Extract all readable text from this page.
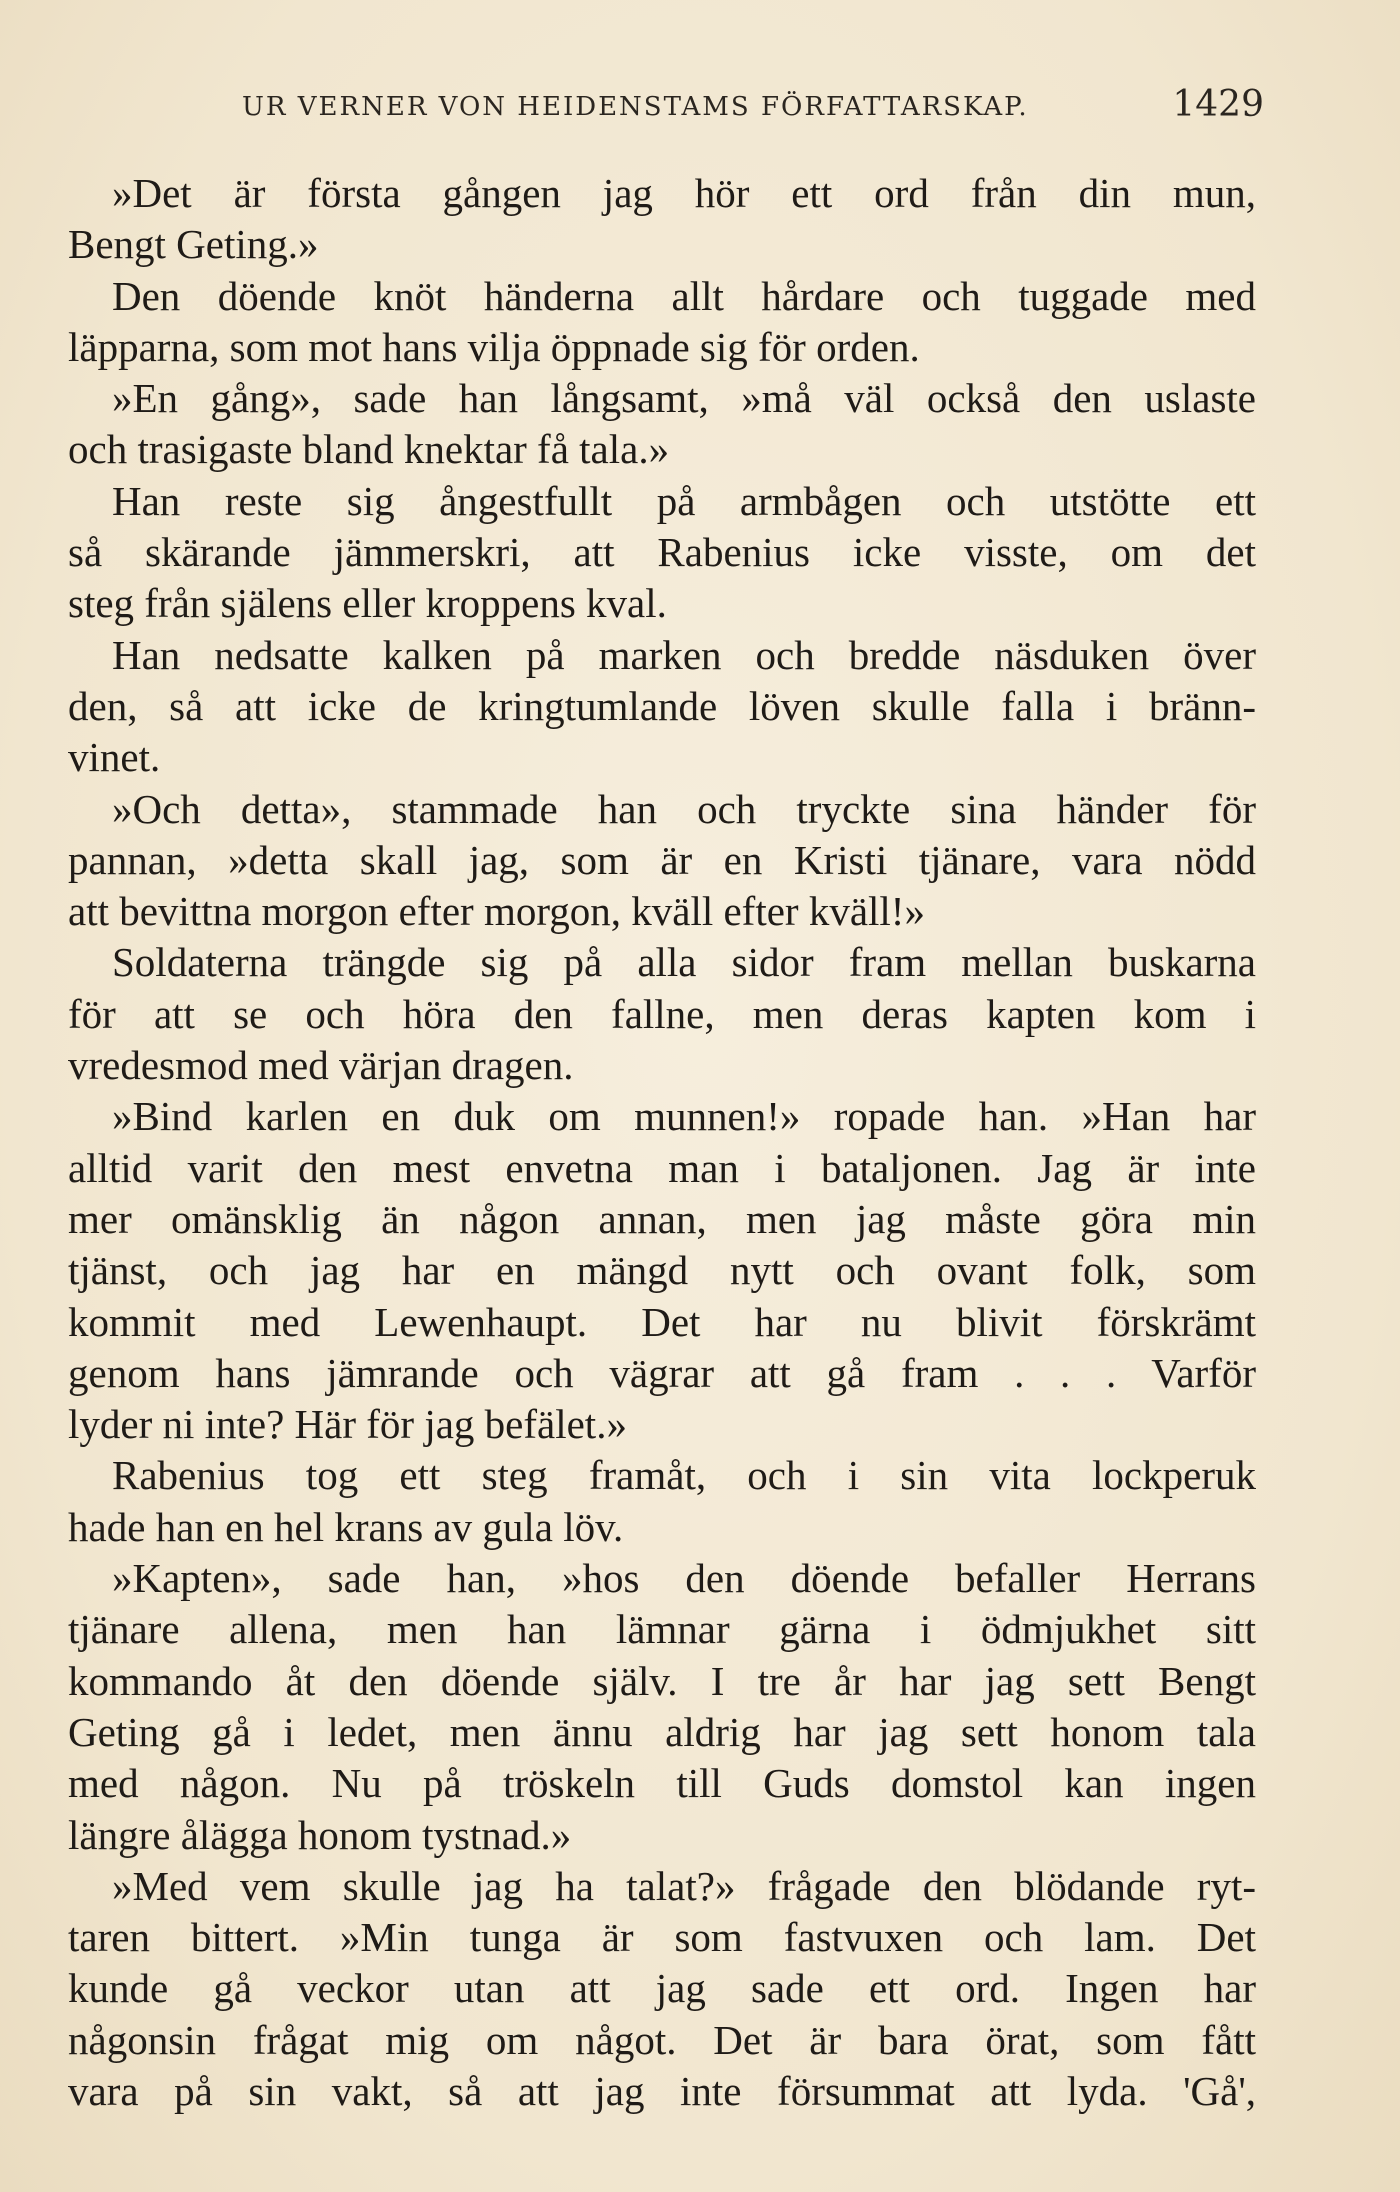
UR VERNER VON HEIDENSTAMS FÖRFATTARSKAP.	1429
»Det är första gången jag hör ett ord från din mun,
Bengt Geting.»
Den döende knöt händerna allt hårdare och tuggade med
läpparna, som mot hans vilja öppnade sig för orden.
»En gång», sade han långsamt, »må väl också den uslaste
och trasigaste bland knektar få tala.»
Han reste sig ångestfullt på armbågen och utstötte ett
så skärande jämmerskri, att Rabenius icke visste, om det
steg från själens eller kroppens kval.
Han nedsatte kalken på marken och bredde näsduken över
den, så att icke de kringtumlande löven skulle falla i bränn-
vinet.
»Och detta», stammade han och tryckte sina händer för
pannan, »detta skall jag, som är en Kristi tjänare, vara nödd
att bevittna morgon efter morgon, kväll efter kväll!»
Soldaterna trängde sig på alla sidor fram mellan buskarna
för att se och höra den fallne, men deras kapten kom i
vredesmod med värjan dragen.
»Bind karlen en duk om munnen!» ropade han. »Han har
alltid varit den mest envetna man i bataljonen. Jag är inte
mer omänsklig än någon annan, men jag måste göra min
tjänst, och jag har en mängd nytt och ovant folk, som
kommit med Lewenhaupt. Det har nu blivit förskrämt
genom hans jämrande och vägrar att gå fram . . . Varför
lyder ni inte? Här för jag befälet.»
Rabenius tog ett steg framåt, och i sin vita lockperuk
hade han en hel krans av gula löv.
»Kapten», sade han, »hos den döende befaller Herrans
tjänare allena, men han lämnar gärna i ödmjukhet sitt
kommando åt den döende själv. I tre år har jag sett Bengt
Geting gå i ledet, men ännu aldrig har jag sett honom tala
med någon. Nu på tröskeln till Guds domstol kan ingen
längre ålägga honom tystnad.»
»Med vem skulle jag ha talat?» frågade den blödande ryt-
taren bittert. »Min tunga är som fastvuxen och lam. Det
kunde gå veckor utan att jag sade ett ord. Ingen har
någonsin frågat mig om något. Det är bara örat, som fått
vara på sin vakt, så att jag inte försummat att lyda. 'Gå',
